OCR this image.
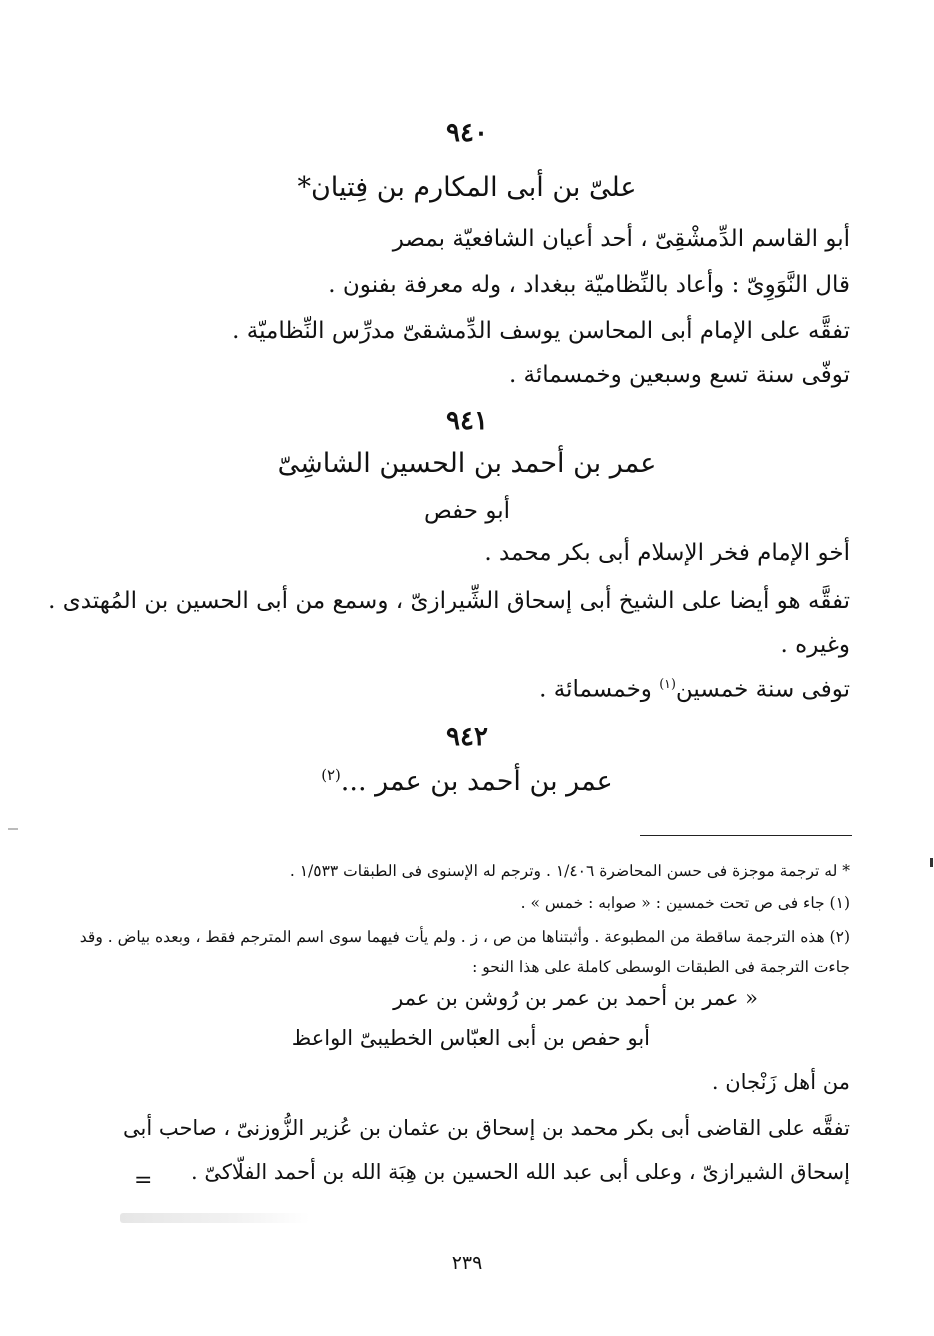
٩٤٠
علىّ بن أبى المكارم بن فِتيان*
أبو القاسم الدِّمشْقِىّ ، أحد أعيان الشافعيّة بمصر
قال النَّوَوِىّ : وأعاد بالنِّظاميّة ببغداد ، وله معرفة بفنون .
تفقَّه على الإمام أبى المحاسن يوسف الدِّمشقىّ مدرِّس النِّظاميّة .
توفّى سنة تسع وسبعين وخمسمائة .
٩٤١
عمر بن أحمد بن الحسين الشاشِىّ
أبو حفص
أخو الإمام فخر الإسلام أبى بكر محمد .
تفقَّه هو أيضا على الشيخ أبى إسحاق الشِّيرازىّ ، وسمع من أبى الحسين بن المُهتدى .
وغيره .
توفى سنة خمسين$^{(١)}$ وخمسمائة .
٩٤٢
عمر بن أحمد بن عمر ...$^{(٢)}$
* له ترجمة موجزة فى حسن المحاضرة ١/٤٠٦ . وترجم له الإسنوى فى الطبقات ١/٥٣٣ .
(١) جاء فى ص تحت خمسين : « صوابه : خمس » .
(٢) هذه الترجمة ساقطة من المطبوعة . وأثبتناها من ص ، ز . ولم يأت فيهما سوى اسم المترجم فقط ، وبعده بياض . وقد
جاءت الترجمة فى الطبقات الوسطى كاملة على هذا النحو :
« عمر بن أحمد بن عمر بن رُوشن بن عمر
أبو حفص بن أبى العبّاس الخطيبىّ الواعظ
من أهل زَنْجان .
تفقَّه على القاضى أبى بكر محمد بن إسحاق بن عثمان بن عُزير الزُّوزنىّ ، صاحب أبى
إسحاق الشيرازىّ ، وعلى أبى عبد الله الحسين بن هِبَة الله بن أحمد الفلّاكىّ .
=
٢٣٩
